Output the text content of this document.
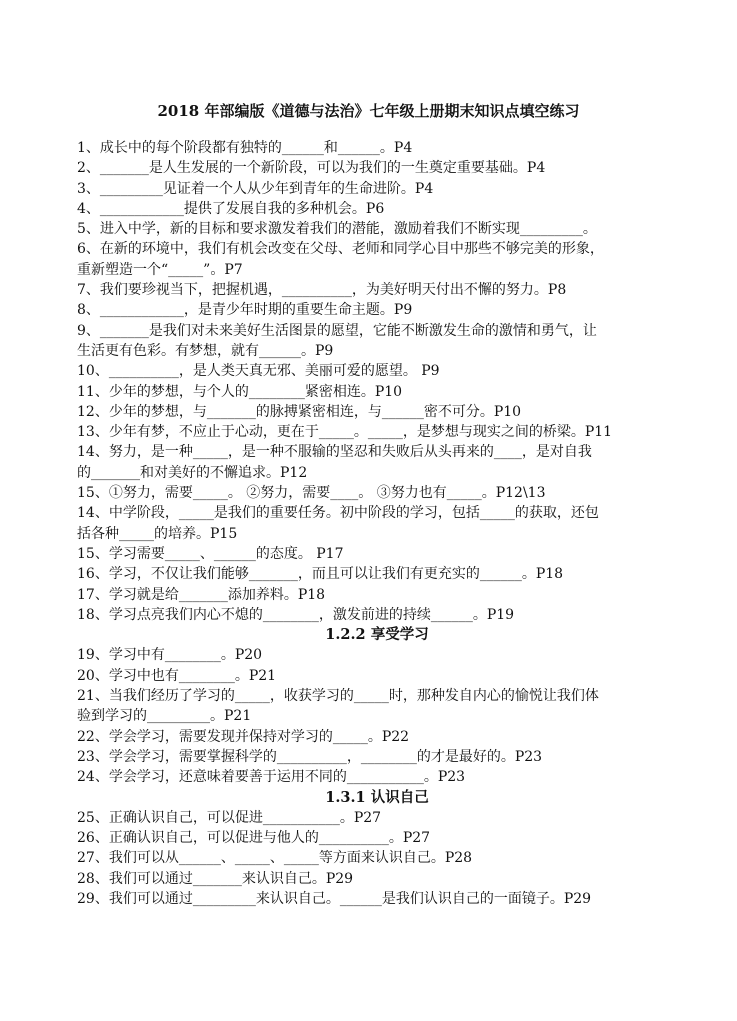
2018 年部编版《道德与法治》七年级上册期末知识点填空练习
1、成长中的每个阶段都有独特的______和______。P4
2、_______是人生发展的一个新阶段，可以为我们的一生奠定重要基础。P4
3、_________见证着一个人从少年到青年的生命进阶。P4
4、____________提供了发展自我的多种机会。P6
5、进入中学，新的目标和要求激发着我们的潜能，激励着我们不断实现_________。
6、在新的环境中，我们有机会改变在父母、老师和同学心目中那些不够完美的形象，
重新塑造一个“_____”。P7
7、我们要珍视当下，把握机遇，__________，为美好明天付出不懈的努力。P8
8、____________，是青少年时期的重要生命主题。P9
9、_______是我们对未来美好生活图景的愿望，它能不断激发生命的激情和勇气，让
生活更有色彩。有梦想，就有______。P9
10、__________，是人类天真无邪、美丽可爱的愿望。 P9
11、少年的梦想，与个人的________紧密相连。P10
12、少年的梦想，与_______的脉搏紧密相连，与______密不可分。P10
13、少年有梦，不应止于心动，更在于_____。_____，是梦想与现实之间的桥梁。P11
14、努力，是一种_____，是一种不服输的坚忍和失败后从头再来的____，是对自我
的_______和对美好的不懈追求。P12
15、①努力，需要_____。 ②努力，需要____。 ③努力也有_____。P12\13
14、中学阶段，_____是我们的重要任务。初中阶段的学习，包括_____的获取，还包
括各种_____的培养。P15
15、学习需要_____、______的态度。 P17
16、学习，不仅让我们能够_______，而且可以让我们有更充实的______。P18
17、学习就是给_______添加养料。P18
18、学习点亮我们内心不熄的________，激发前进的持续______。P19
1.2.2 享受学习
19、学习中有________。P20
20、学习中也有________。P21
21、当我们经历了学习的_____，收获学习的_____时，那种发自内心的愉悦让我们体
验到学习的_________。P21
22、学会学习，需要发现并保持对学习的_____。P22
23、学会学习，需要掌握科学的__________，________的才是最好的。P23
24、学会学习，还意味着要善于运用不同的___________。P23
1.3.1 认识自己
25、正确认识自己，可以促进___________。P27
26、正确认识自己，可以促进与他人的__________。P27
27、我们可以从______、_____、_____等方面来认识自己。P28
28、我们可以通过_______来认识自己。P29
29、我们可以通过_________来认识自己。______是我们认识自己的一面镜子。P29
